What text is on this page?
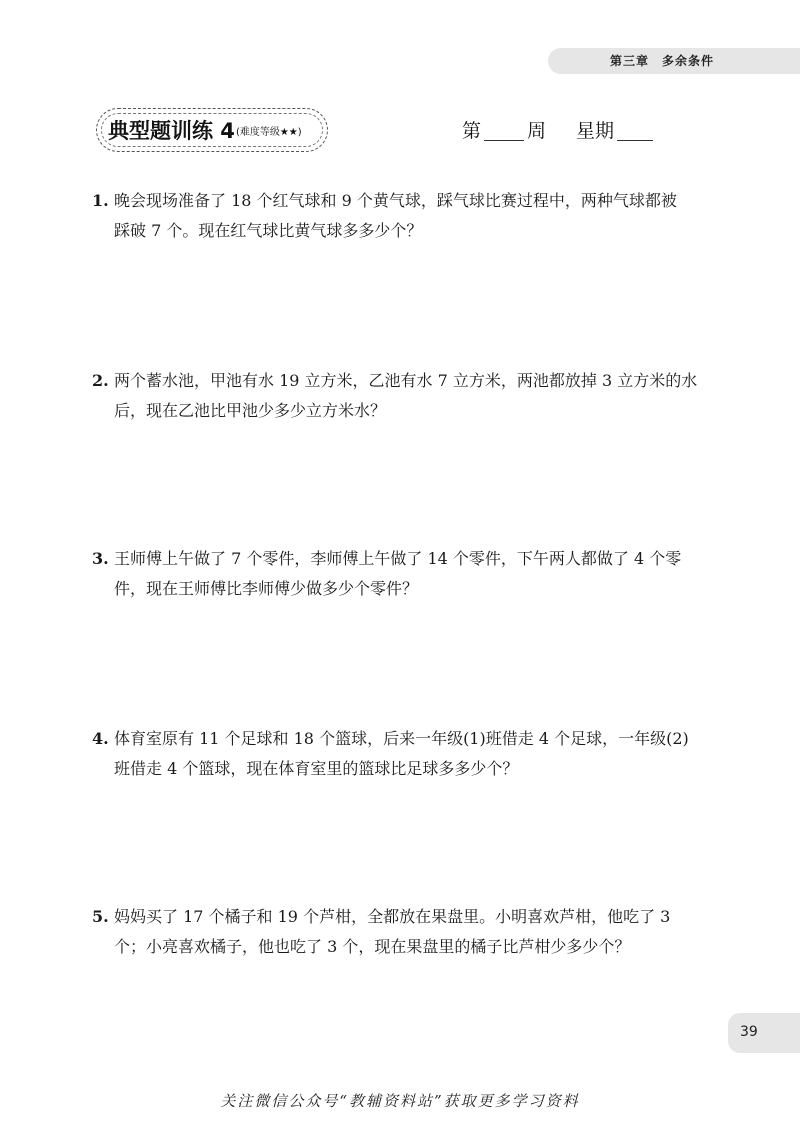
第三章　多余条件
典型题训练 4(难度等级★★)	第 周 星期
1. 晚会现场准备了 18 个红气球和 9 个黄气球，踩气球比赛过程中，两种气球都被
踩破 7 个。现在红气球比黄气球多多少个？
2. 两个蓄水池，甲池有水 19 立方米，乙池有水 7 立方米，两池都放掉 3 立方米的水
后，现在乙池比甲池少多少立方米水？
3. 王师傅上午做了 7 个零件，李师傅上午做了 14 个零件，下午两人都做了 4 个零
件，现在王师傅比李师傅少做多少个零件？
4. 体育室原有 11 个足球和 18 个篮球，后来一年级(1)班借走 4 个足球，一年级(2)
班借走 4 个篮球，现在体育室里的篮球比足球多多少个？
5. 妈妈买了 17 个橘子和 19 个芦柑，全都放在果盘里。小明喜欢芦柑，他吃了 3
个；小亮喜欢橘子，他也吃了 3 个，现在果盘里的橘子比芦柑少多少个？
39
关注微信公众号“教辅资料站”获取更多学习资料
